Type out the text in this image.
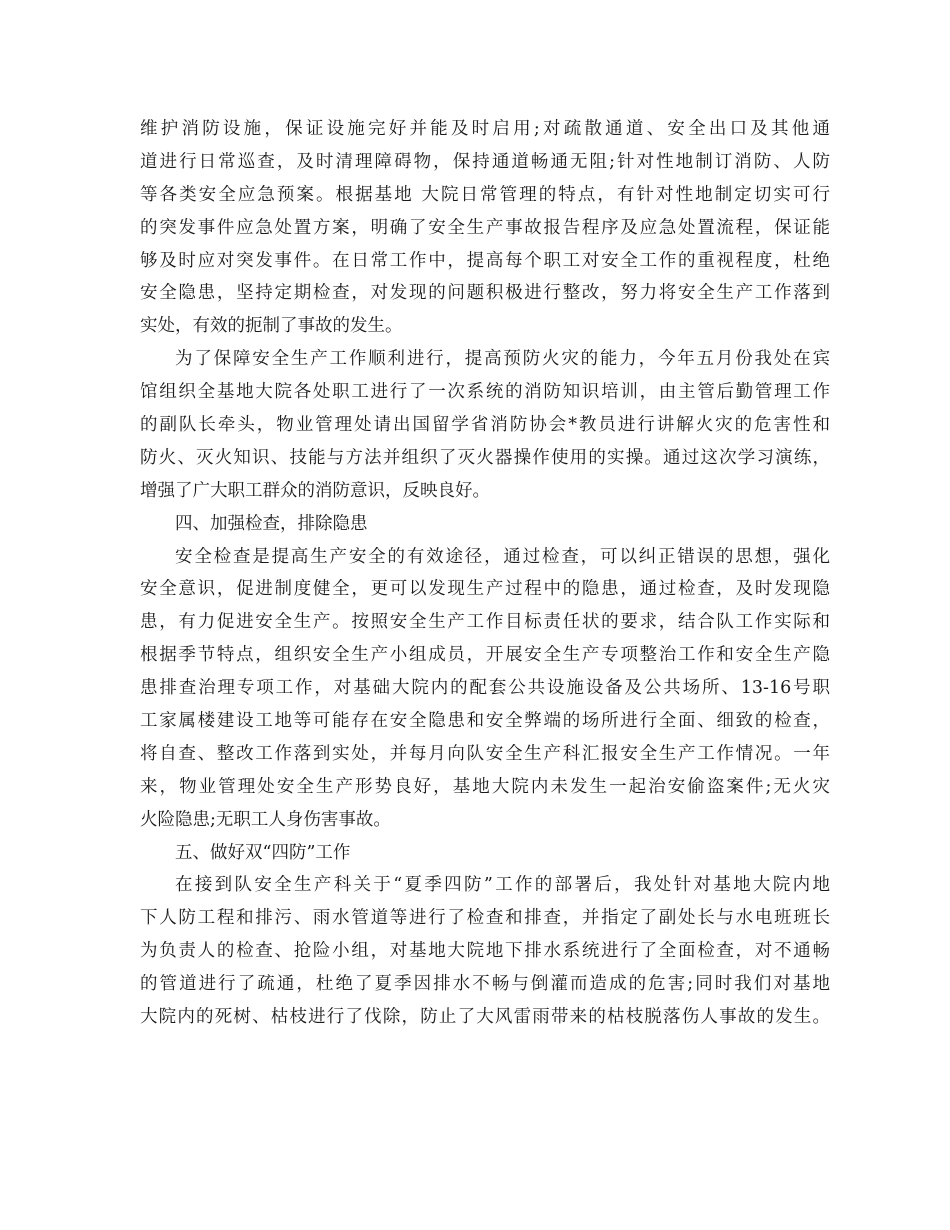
维护消防设施，保证设施完好并能及时启用;对疏散通道、安全出口及其他通
道进行日常巡查，及时清理障碍物，保持通道畅通无阻;针对性地制订消防、人防
等各类安全应急预案。根据基地 大院日常管理的特点，有针对性地制定切实可行
的突发事件应急处置方案，明确了安全生产事故报告程序及应急处置流程，保证能
够及时应对突发事件。在日常工作中，提高每个职工对安全工作的重视程度，杜绝
安全隐患，坚持定期检查，对发现的问题积极进行整改，努力将安全生产工作落到
实处，有效的扼制了事故的发生。
为了保障安全生产工作顺利进行，提高预防火灾的能力，今年五月份我处在宾
馆组织全基地大院各处职工进行了一次系统的消防知识培训，由主管后勤管理工作
的副队长牵头，物业管理处请出国留学省消防协会*教员进行讲解火灾的危害性和
防火、灭火知识、技能与方法并组织了灭火器操作使用的实操。通过这次学习演练，
增强了广大职工群众的消防意识，反映良好。
四、加强检查，排除隐患
安全检查是提高生产安全的有效途径，通过检查，可以纠正错误的思想，强化
安全意识，促进制度健全，更可以发现生产过程中的隐患，通过检查，及时发现隐
患，有力促进安全生产。按照安全生产工作目标责任状的要求，结合队工作实际和
根据季节特点，组织安全生产小组成员，开展安全生产专项整治工作和安全生产隐
患排查治理专项工作，对基础大院内的配套公共设施设备及公共场所、13-16号职
工家属楼建设工地等可能存在安全隐患和安全弊端的场所进行全面、细致的检查，
将自查、整改工作落到实处，并每月向队安全生产科汇报安全生产工作情况。一年
来，物业管理处安全生产形势良好，基地大院内未发生一起治安偷盗案件;无火灾
火险隐患;无职工人身伤害事故。
五、做好双“四防”工作
在接到队安全生产科关于“夏季四防”工作的部署后，我处针对基地大院内地
下人防工程和排污、雨水管道等进行了检查和排查，并指定了副处长与水电班班长
为负责人的检查、抢险小组，对基地大院地下排水系统进行了全面检查，对不通畅
的管道进行了疏通，杜绝了夏季因排水不畅与倒灌而造成的危害;同时我们对基地
大院内的死树、枯枝进行了伐除，防止了大风雷雨带来的枯枝脱落伤人事故的发生。
